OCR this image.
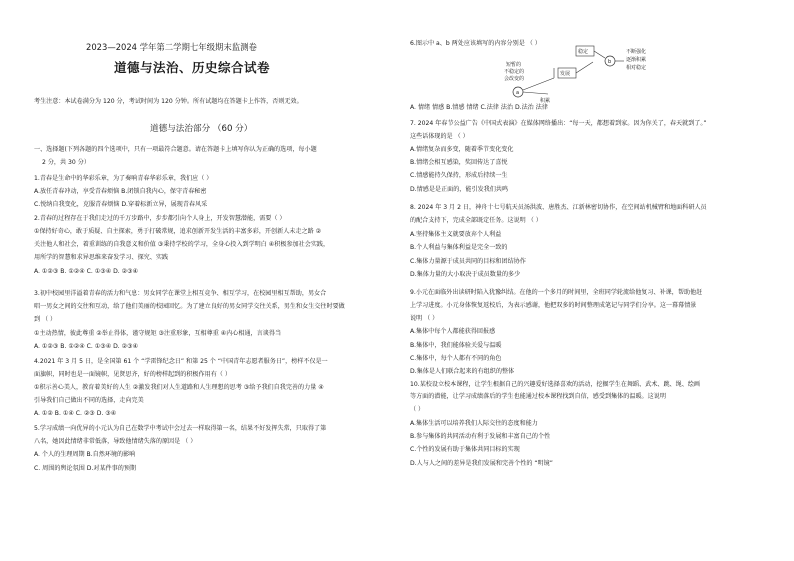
2023—2024 学年第二学期七年级期末监测卷
道德与法治、历史综合试卷
考生注意：本试卷满分为 120 分，考试时间为 120 分钟。所有试题均在答题卡上作答，否则无效。
道德与法治部分 （60 分）
一、选择题(下列各题的四个选项中，只有一项最符合题意。请在答题卡上填写你认为正确的选项，每小题
2 分，共 30 分）
1.青春是生命中的华彩乐章，为了奏响青春华彩乐章，我们应（ ）
A.放任青春冲动，享受青春烦恼 B.闭锁自我内心，保守青春秘密
C.悦纳自我变化，克服青春烦恼 D.穿着标新立异，展现青春风采
2.青春的过程存在于我们走过的千万步路中，步步都引向个人身上，开发智慧潜能，需要（ ）
①保持好奇心，敢于质疑、自主探索，勇于打破常规，追求创新开发生活的丰富多彩，开创新人未走之路 ②
关注他人和社会，着重训练的自我意义和价值 ③秉持学校的学习，全身心投入到学明白 ④积极参加社会实践，
用所学的智慧和求异思维来奋发学习、探究、实践
A. ①②③ B. ①②④ C. ①③④ D. ②③④
3.初中校园里洋溢着青春的活力和气息：男女同学在课堂上相互竞争、相互学习，在校园里相互帮助，男女合
唱一男女之间的交往和互动，给了他们美丽的校园回忆。为了建立良好的男女同学交往关系，男生和女生交往时要做
到 （ ）
①主动热情，彼此尊重 ②举止得体，谨守规矩 ③注重形象，互相尊重 ④内心相通，言谈得当
A. ①②③ B. ①②④ C. ①③④ D. ②③④
4.2021 年 3 月 5 日，是全国第 61 个 “学雷锋纪念日” 和第 25 个 “中国青年志愿者服务日”，榜样不仅是一
面旗帜，同时也是一面镜帜，见贤思齐，好的榜样起到的积极作用有（ ）
①积示善心美人，教育着美好的人生 ②激发我们对人生道路和人生理想的思考 ③给予我们自我完善的力量 ④
引导我们自己做出不同的选择，走向完美
A. ①② B. ①④ C. ②③ D. ③④
5.学习成绩一向优异的小元认为自己在数学中考试中会过去一样取得第一名，结果不好发挥失常，只取得了第
八名，她因此情绪非常低落，导致他情绪失落的原因是 （ ）
A. 个人的生理周期 B.自然环境的影响
C. 周围的舆论氛围 D.对某件事的预期
短暂的
不稳定的
会改变的
a
积累
发展
稳定
b
不断强化
逐渐积累
相对稳定
6.图示中 a、b 两处应该填写的内容分别是 （ ）
A. 情绪 情感 B.情感 情绪 C.法律 法治 D.法治 法律
7. 2024 年春节公益广告《中国式表演》在媒体网络播出：“每一天，都想着到家。因为你关了，春天就到了。”
这些话体现的是 （ ）
A.情绪复杂而多变，随着季节变化变化
B.情绪会相互感染，奖回传达了喜悦
C.情感能持久保持，形成后持续一生
D.情感是是正面的，能引发我们共鸣
8. 2024 年 3 月 2 日，神舟十七号航天员汤洪波、唐胜杰、江新林密切协作，在空间站机械臂和地面科研人员
的配合支持下，完成全部既定任务。这说明 （ ）
A.坚持集体主义就要放弃个人利益
B.个人利益与集体利益是完全一致的
C.集体力量源于成员共同的目标和团结协作
D.集体力量的大小取决于成员数量的多少
9.小元在面临外出读研时陷入犹豫纠结。在他的一个多月的时间里，全班同学轮流给他复习、补课，帮助他赶
上学习进度。小元身体恢复返校后，为表示感谢，他把双多的时间整理成笔记与同学们分享。这一幕幕情景
说明 （ ）
A.集体中每个人都能获得回报感
B.集体中，我们能体验关爱与温暖
C.集体中，每个人都有不同的角色
D.集体是人们联合起来的有组织的整体
10.某校设立校本课程，让学生根据自己的兴趣爱好选择喜欢的活动，挖掘学生在舞蹈、武术、跳、绳、绘画
等方面的潜能，让学习成绩落后的学生也能通过校本课程找到自信，感受到集体的温暖。这说明
（ ）
A.集体生活可以培养我们人际交往的态度和能力
B.参与集体的共同活动有利于发展和丰富自己的个性
C.个性的发展有助于集体共同目标的实现
D.人与人之间的差异是我们发展和完善个性的 “明镜”
